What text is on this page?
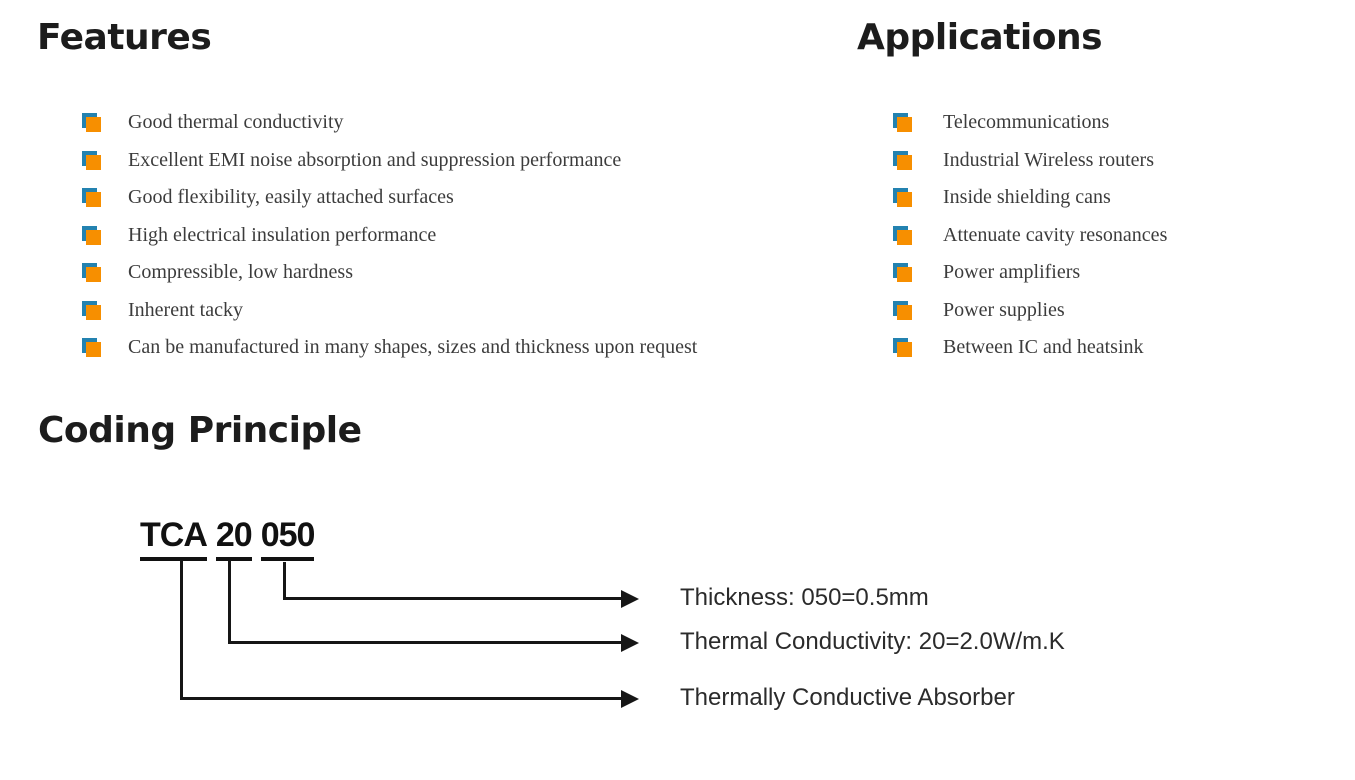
Features	Applications
Good thermal conductivity
Excellent EMI noise absorption and suppression performance
Good flexibility, easily attached surfaces
High electrical insulation performance
Compressible, low hardness
Inherent tacky
Can be manufactured in many shapes, sizes and thickness upon request
Telecommunications
Industrial Wireless routers
Inside shielding cans
Attenuate cavity resonances
Power amplifiers
Power supplies
Between IC and heatsink
Coding Principle
TCA 20 050
Thickness: 050=0.5mm
Thermal Conductivity: 20=2.0W/m.K
Thermally Conductive Absorber
